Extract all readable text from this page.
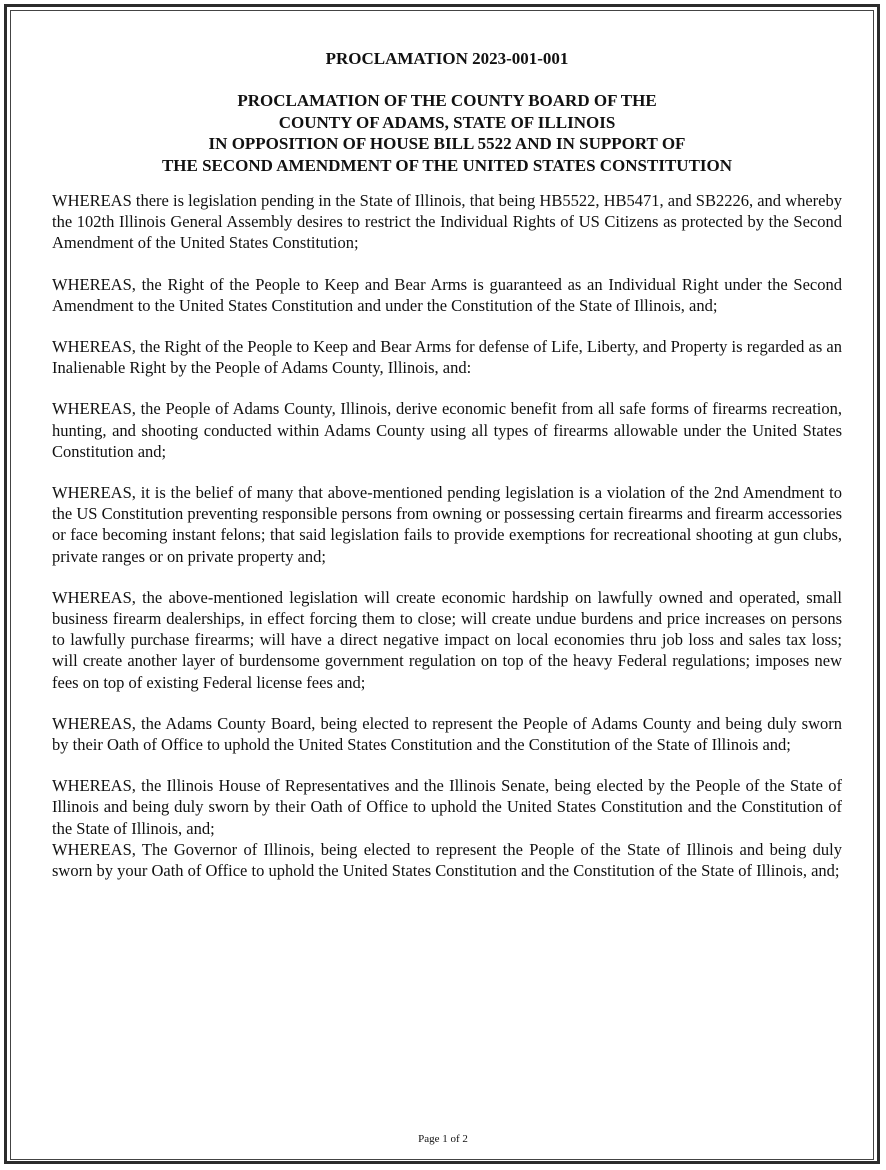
PROCLAMATION 2023-001-001
PROCLAMATION OF THE COUNTY BOARD OF THE
COUNTY OF ADAMS, STATE OF ILLINOIS
IN OPPOSITION OF HOUSE BILL 5522 AND IN SUPPORT OF
THE SECOND AMENDMENT OF THE UNITED STATES CONSTITUTION

WHEREAS there is legislation pending in the State of Illinois, that being HB5522, HB5471, and SB2226, and whereby the 102th Illinois General Assembly desires to restrict the Individual Rights of US Citizens as protected by the Second Amendment of the United States Constitution;

WHEREAS, the Right of the People to Keep and Bear Arms is guaranteed as an Individual Right under the Second Amendment to the United States Constitution and under the Constitution of the State of Illinois, and;

WHEREAS, the Right of the People to Keep and Bear Arms for defense of Life, Liberty, and Property is regarded as an Inalienable Right by the People of Adams County, Illinois, and:

WHEREAS, the People of Adams County, Illinois, derive economic benefit from all safe forms of firearms recreation, hunting, and shooting conducted within Adams County using all types of firearms allowable under the United States Constitution and;

WHEREAS, it is the belief of many that above-mentioned pending legislation is a violation of the 2nd Amendment to the US Constitution preventing responsible persons from owning or possessing certain firearms and firearm accessories or face becoming instant felons; that said legislation fails to provide exemptions for recreational shooting at gun clubs, private ranges or on private property and;

WHEREAS, the above-mentioned legislation will create economic hardship on lawfully owned and operated, small business firearm dealerships, in effect forcing them to close; will create undue burdens and price increases on persons to lawfully purchase firearms; will have a direct negative impact on local economies thru job loss and sales tax loss; will create another layer of burdensome government regulation on top of the heavy Federal regulations; imposes new fees on top of existing Federal license fees and;

WHEREAS, the Adams County Board, being elected to represent the People of Adams County and being duly sworn by their Oath of Office to uphold the United States Constitution and the Constitution of the State of Illinois and;

WHEREAS, the Illinois House of Representatives and the Illinois Senate, being elected by the People of the State of Illinois and being duly sworn by their Oath of Office to uphold the United States Constitution and the Constitution of the State of Illinois, and;

WHEREAS, The Governor of Illinois, being elected to represent the People of the State of Illinois and being duly sworn by your Oath of Office to uphold the United States Constitution and the Constitution of the State of Illinois, and;

Page 1 of 2
